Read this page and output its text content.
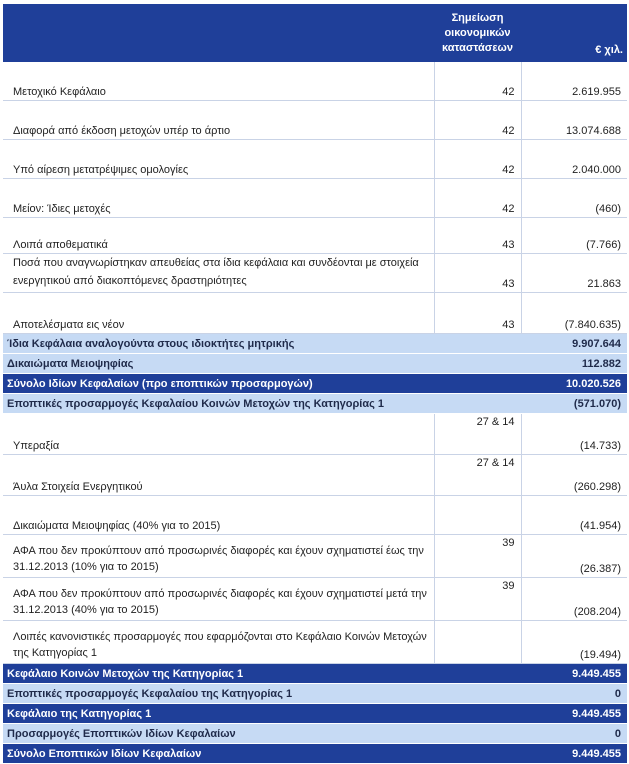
	Σημείωση
οικονομικών
καταστάσεων	€ χιλ.
Μετοχικό Κεφάλαιο	42	2.619.955
Διαφορά από έκδοση μετοχών υπέρ το άρτιο	42	13.074.688
Υπό αίρεση μετατρέψιμες ομολογίες	42	2.040.000
Μείον: Ίδιες μετοχές	42	(460)
Λοιπά αποθεματικά	43	(7.766)
Ποσά που αναγνωρίστηκαν απευθείας στα ίδια κεφάλαια και συνδέονται με στοιχεία ενεργητικού από διακοπτόμενες δραστηριότητες	43	21.863
Αποτελέσματα εις νέον	43	(7.840.635)
Ίδια Κεφάλαια αναλογούντα στους ιδιοκτήτες μητρικής		9.907.644
Δικαιώματα Μειοψηφίας		112.882
Σύνολο Ιδίων Κεφαλαίων (προ εποπτικών προσαρμογών)		10.020.526
Εποπτικές προσαρμογές Κεφαλαίου Κοινών Μετοχών της Κατηγορίας 1		(571.070)
Υπεραξία	27 & 14	(14.733)
Άυλα Στοιχεία Ενεργητικού	27 & 14	(260.298)
Δικαιώματα Μειοψηφίας (40% για το 2015)		(41.954)
ΑΦΑ που δεν προκύπτουν από προσωρινές διαφορές και έχουν σχηματιστεί έως την 31.12.2013 (10% για το 2015)	39	(26.387)
ΑΦΑ που δεν προκύπτουν από προσωρινές διαφορές και έχουν σχηματιστεί μετά την 31.12.2013 (40% για το 2015)	39	(208.204)
Λοιπές κανονιστικές προσαρμογές που εφαρμόζονται στο Κεφάλαιο Κοινών Μετοχών της Κατηγορίας 1		(19.494)
Κεφάλαιο Κοινών Μετοχών της Κατηγορίας 1		9.449.455
Εποπτικές προσαρμογές Κεφαλαίου της Κατηγορίας 1		0
Κεφάλαιο της Κατηγορίας 1		9.449.455
Προσαρμογές Εποπτικών Ιδίων Κεφαλαίων		0
Σύνολο Εποπτικών Ιδίων Κεφαλαίων		9.449.455
